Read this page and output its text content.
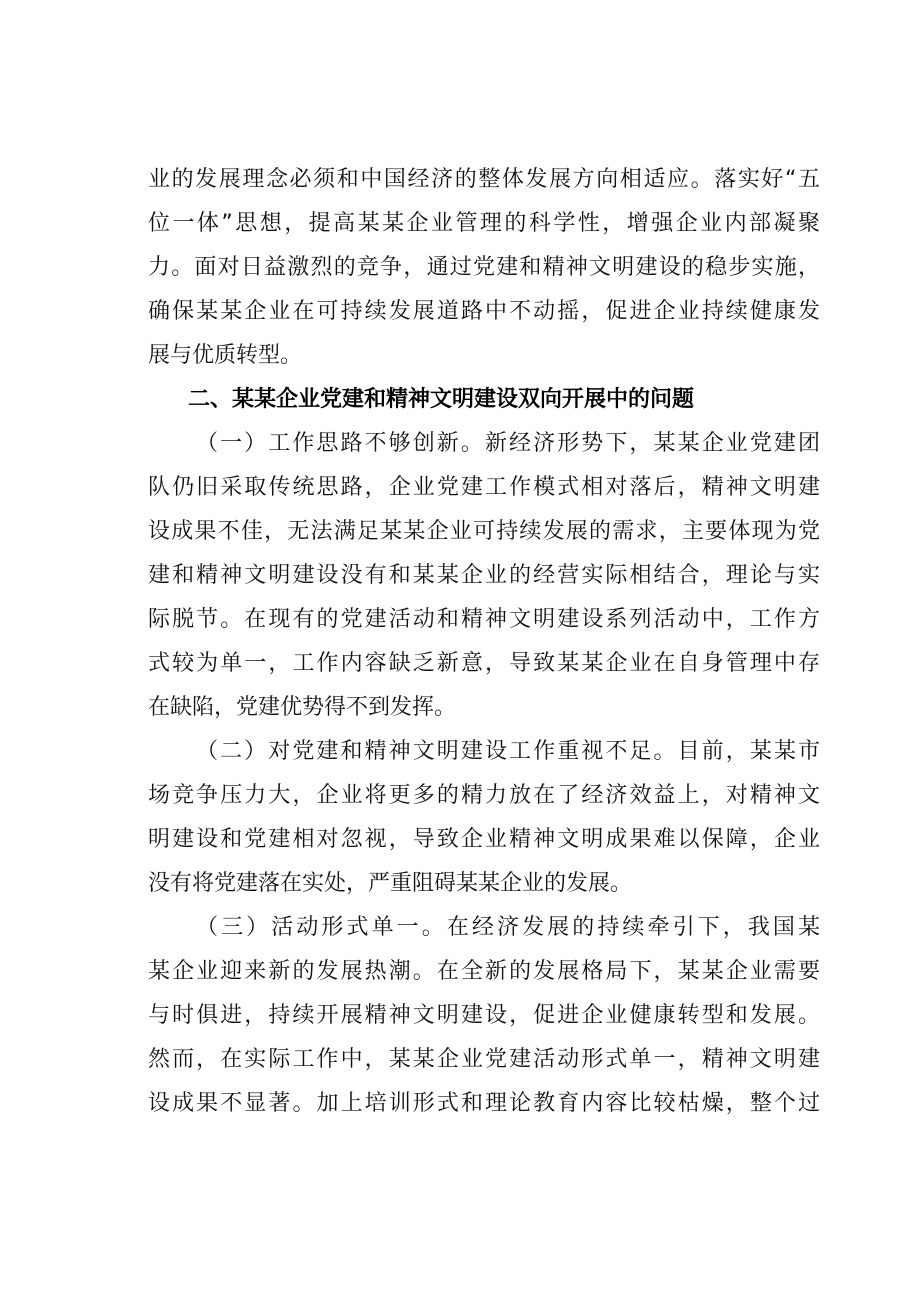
业的发展理念必须和中国经济的整体发展方向相适应。落实好“五
位一体”思想，提高某某企业管理的科学性，增强企业内部凝聚
力。面对日益激烈的竞争，通过党建和精神文明建设的稳步实施，
确保某某企业在可持续发展道路中不动摇，促进企业持续健康发
展与优质转型。
二、某某企业党建和精神文明建设双向开展中的问题
（一）工作思路不够创新。新经济形势下，某某企业党建团
队仍旧采取传统思路，企业党建工作模式相对落后，精神文明建
设成果不佳，无法满足某某企业可持续发展的需求，主要体现为党
建和精神文明建设没有和某某企业的经营实际相结合，理论与实
际脱节。在现有的党建活动和精神文明建设系列活动中，工作方
式较为单一，工作内容缺乏新意，导致某某企业在自身管理中存
在缺陷，党建优势得不到发挥。
（二）对党建和精神文明建设工作重视不足。目前，某某市
场竞争压力大，企业将更多的精力放在了经济效益上，对精神文
明建设和党建相对忽视，导致企业精神文明成果难以保障，企业
没有将党建落在实处，严重阻碍某某企业的发展。
（三）活动形式单一。在经济发展的持续牵引下，我国某
某企业迎来新的发展热潮。在全新的发展格局下，某某企业需要
与时俱进，持续开展精神文明建设，促进企业健康转型和发展。
然而，在实际工作中，某某企业党建活动形式单一，精神文明建
设成果不显著。加上培训形式和理论教育内容比较枯燥，整个过
